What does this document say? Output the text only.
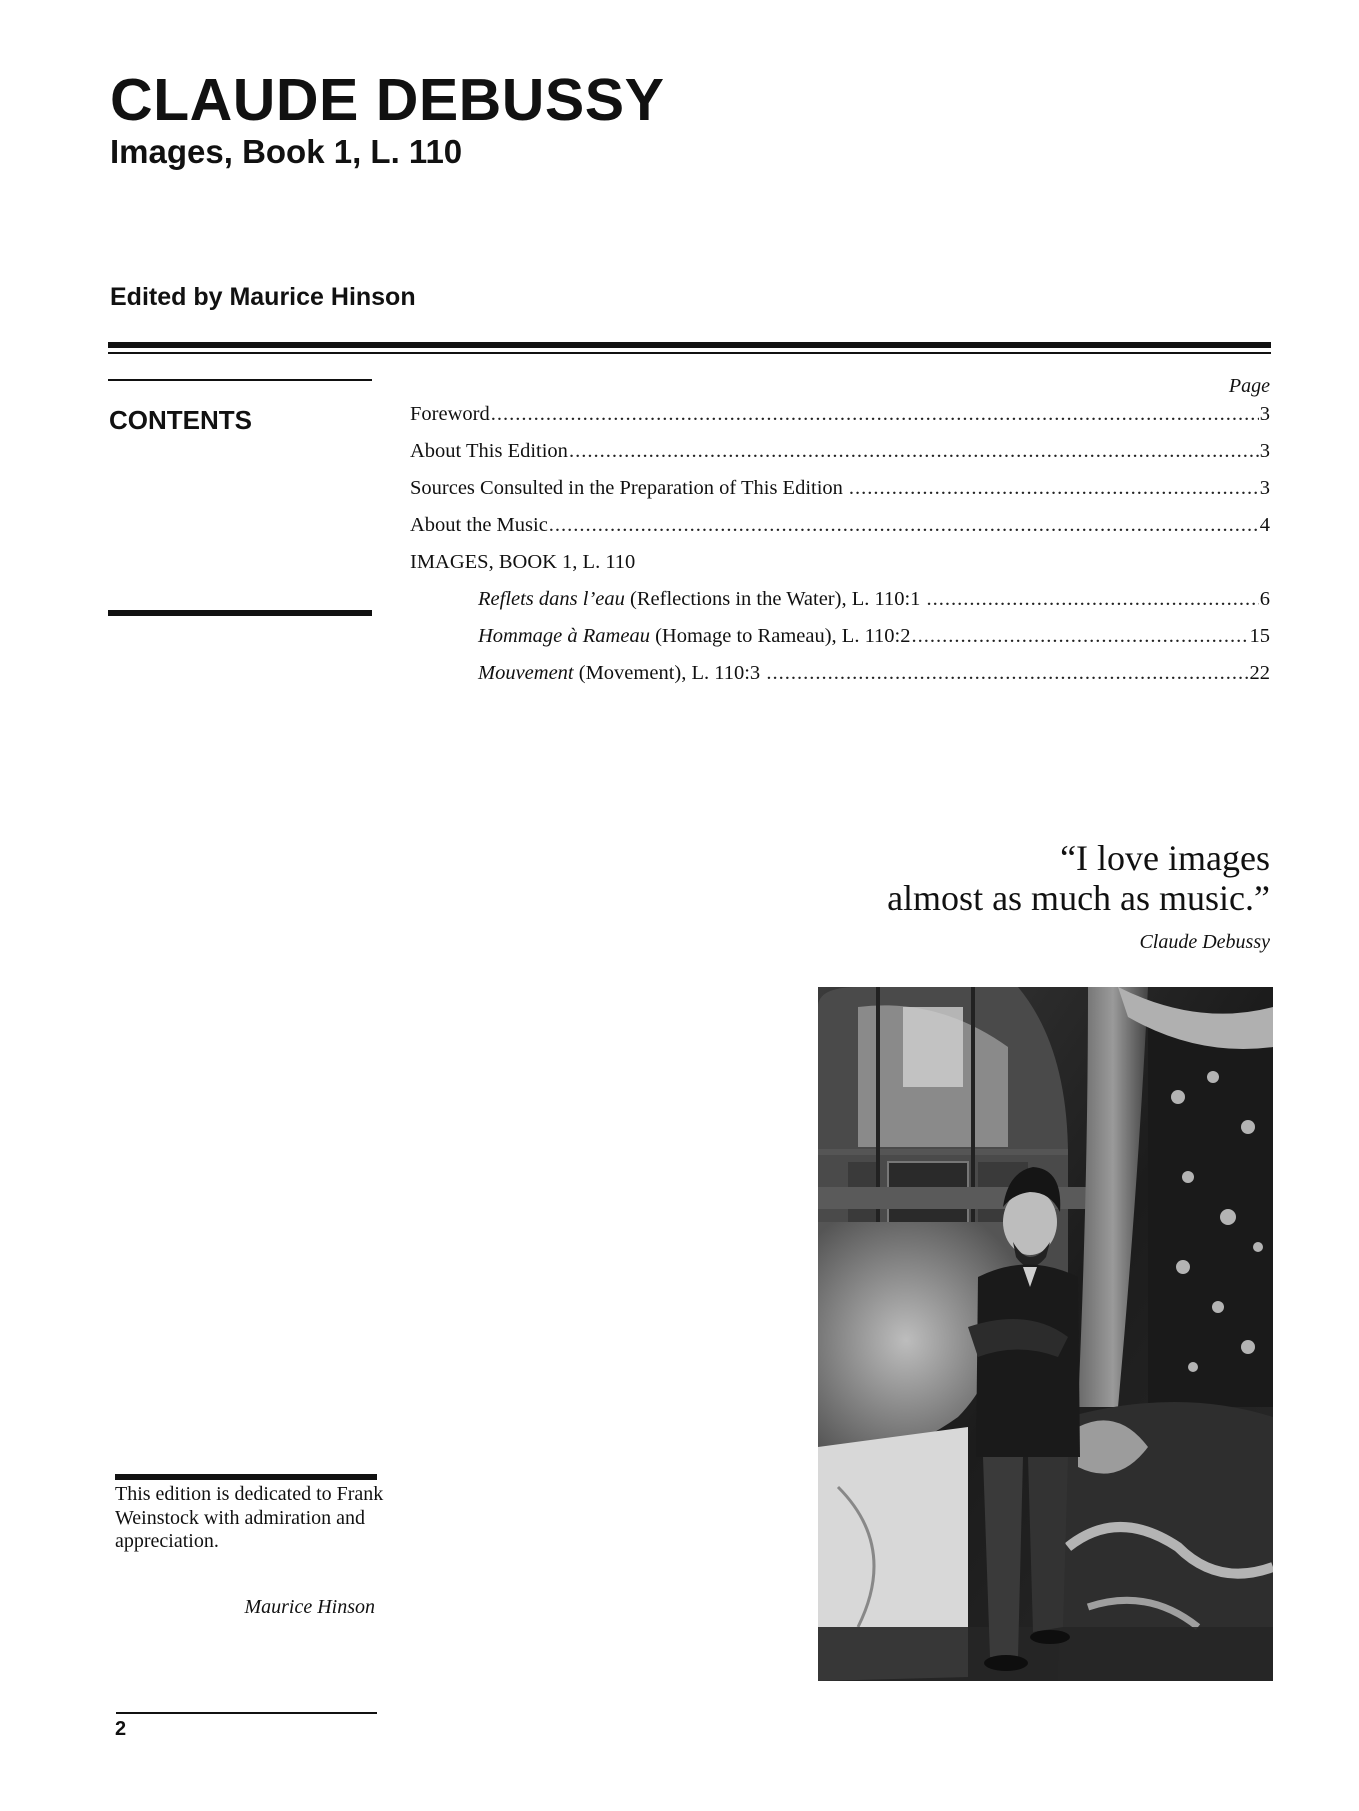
CLAUDE DEBUSSY
Images, Book 1, L. 110
Edited by Maurice Hinson
CONTENTS
Page
Foreword .....	3
About This Edition .....	3
Sources Consulted in the Preparation of This Edition .....	3
About the Music .....	4
IMAGES, BOOK 1, L. 110
Reflets dans l’eau (Reflections in the Water), L. 110:1 .....	6
Hommage à Rameau (Homage to Rameau), L. 110:2 .....	15
Mouvement (Movement), L. 110:3 .....	22
“I love images
almost as much as music.”
Claude Debussy
This edition is dedicated to Frank Weinstock with admiration and appreciation.
Maurice Hinson
2
